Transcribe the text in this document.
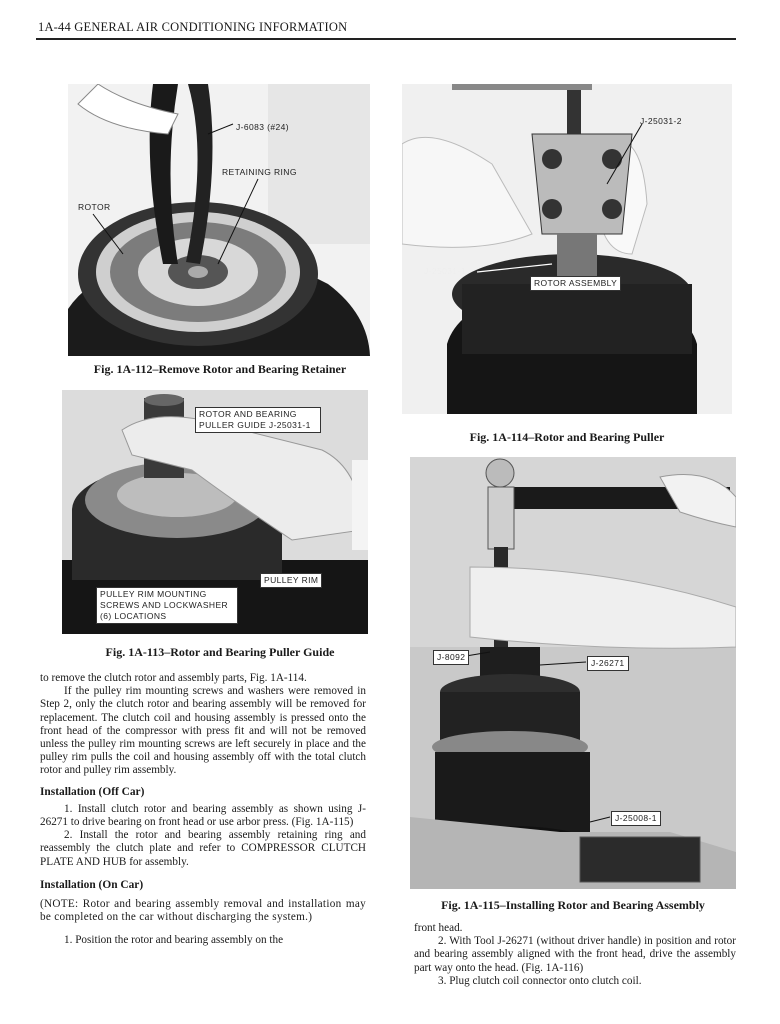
1A-44 GENERAL AIR CONDITIONING INFORMATION
J-6083 (#24)
RETAINING RING
ROTOR
Fig. 1A-112–Remove Rotor and Bearing Retainer
ROTOR AND BEARING PULLER GUIDE J-25031-1
PULLEY RIM
PULLEY RIM MOUNTING SCREWS AND LOCKWASHER (6) LOCATIONS
Fig. 1A-113–Rotor and Bearing Puller Guide
J-25031-2
J-25031-1
ROTOR ASSEMBLY
Fig. 1A-114–Rotor and Bearing Puller
J-8092
J-26271
J-25008-1
Fig. 1A-115–Installing Rotor and Bearing Assembly

to remove the clutch rotor and assembly parts, Fig. 1A-114.

If the pulley rim mounting screws and washers were removed in Step 2, only the clutch rotor and bearing assembly will be removed for replacement. The clutch coil and housing assembly is pressed onto the front head of the compressor with press fit and will not be removed unless the pulley rim mounting screws are left securely in place and the pulley rim pulls the coil and housing assembly off with the total clutch rotor and pulley rim assembly.

Installation (Off Car)

1. Install clutch rotor and bearing assembly as shown using J-26271 to drive bearing on front head or use arbor press. (Fig. 1A-115)

2. Install the rotor and bearing assembly retaining ring and reassembly the clutch plate and refer to COMPRESSOR CLUTCH PLATE AND HUB for assembly.

Installation (On Car)

(NOTE: Rotor and bearing assembly removal and installation may be completed on the car without discharging the system.)

1. Position the rotor and bearing assembly on the

front head.

2. With Tool J-26271 (without driver handle) in position and rotor and bearing assembly aligned with the front head, drive the assembly part way onto the head. (Fig. 1A-116)

3. Plug clutch coil connector onto clutch coil.
